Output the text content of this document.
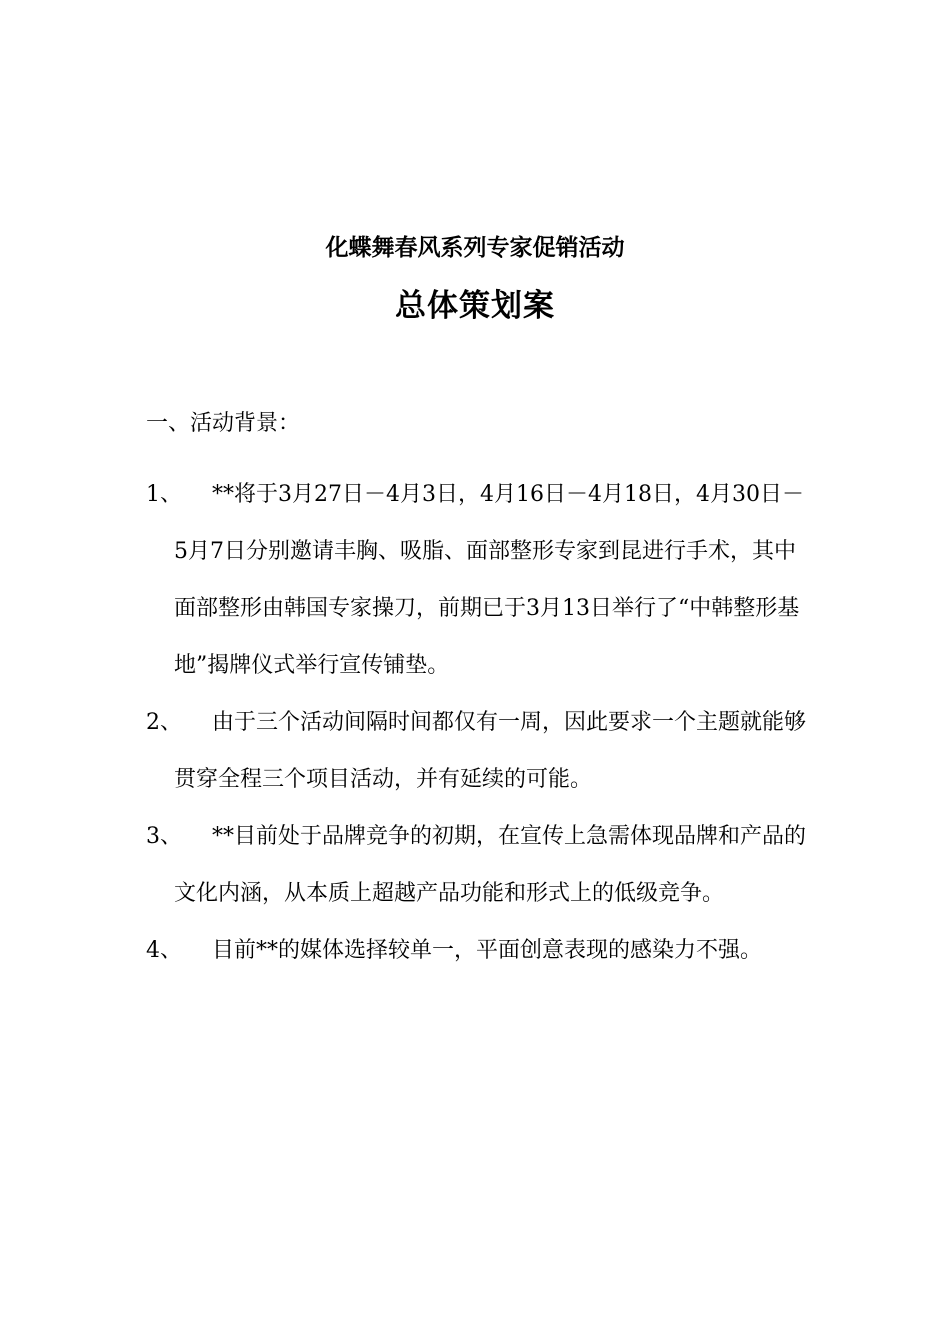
化蝶舞春风系列专家促销活动
总体策划案
一、活动背景：
1、	**将于3月27日－4月3日，4月16日－4月18日，4月30日－5月7日分别邀请丰胸、吸脂、面部整形专家到昆进行手术，其中面部整形由韩国专家操刀，前期已于3月13日举行了“中韩整形基地”揭牌仪式举行宣传铺垫。
2、	由于三个活动间隔时间都仅有一周，因此要求一个主题就能够贯穿全程三个项目活动，并有延续的可能。
3、	**目前处于品牌竞争的初期，在宣传上急需体现品牌和产品的文化内涵，从本质上超越产品功能和形式上的低级竞争。
4、	目前**的媒体选择较单一，平面创意表现的感染力不强。
